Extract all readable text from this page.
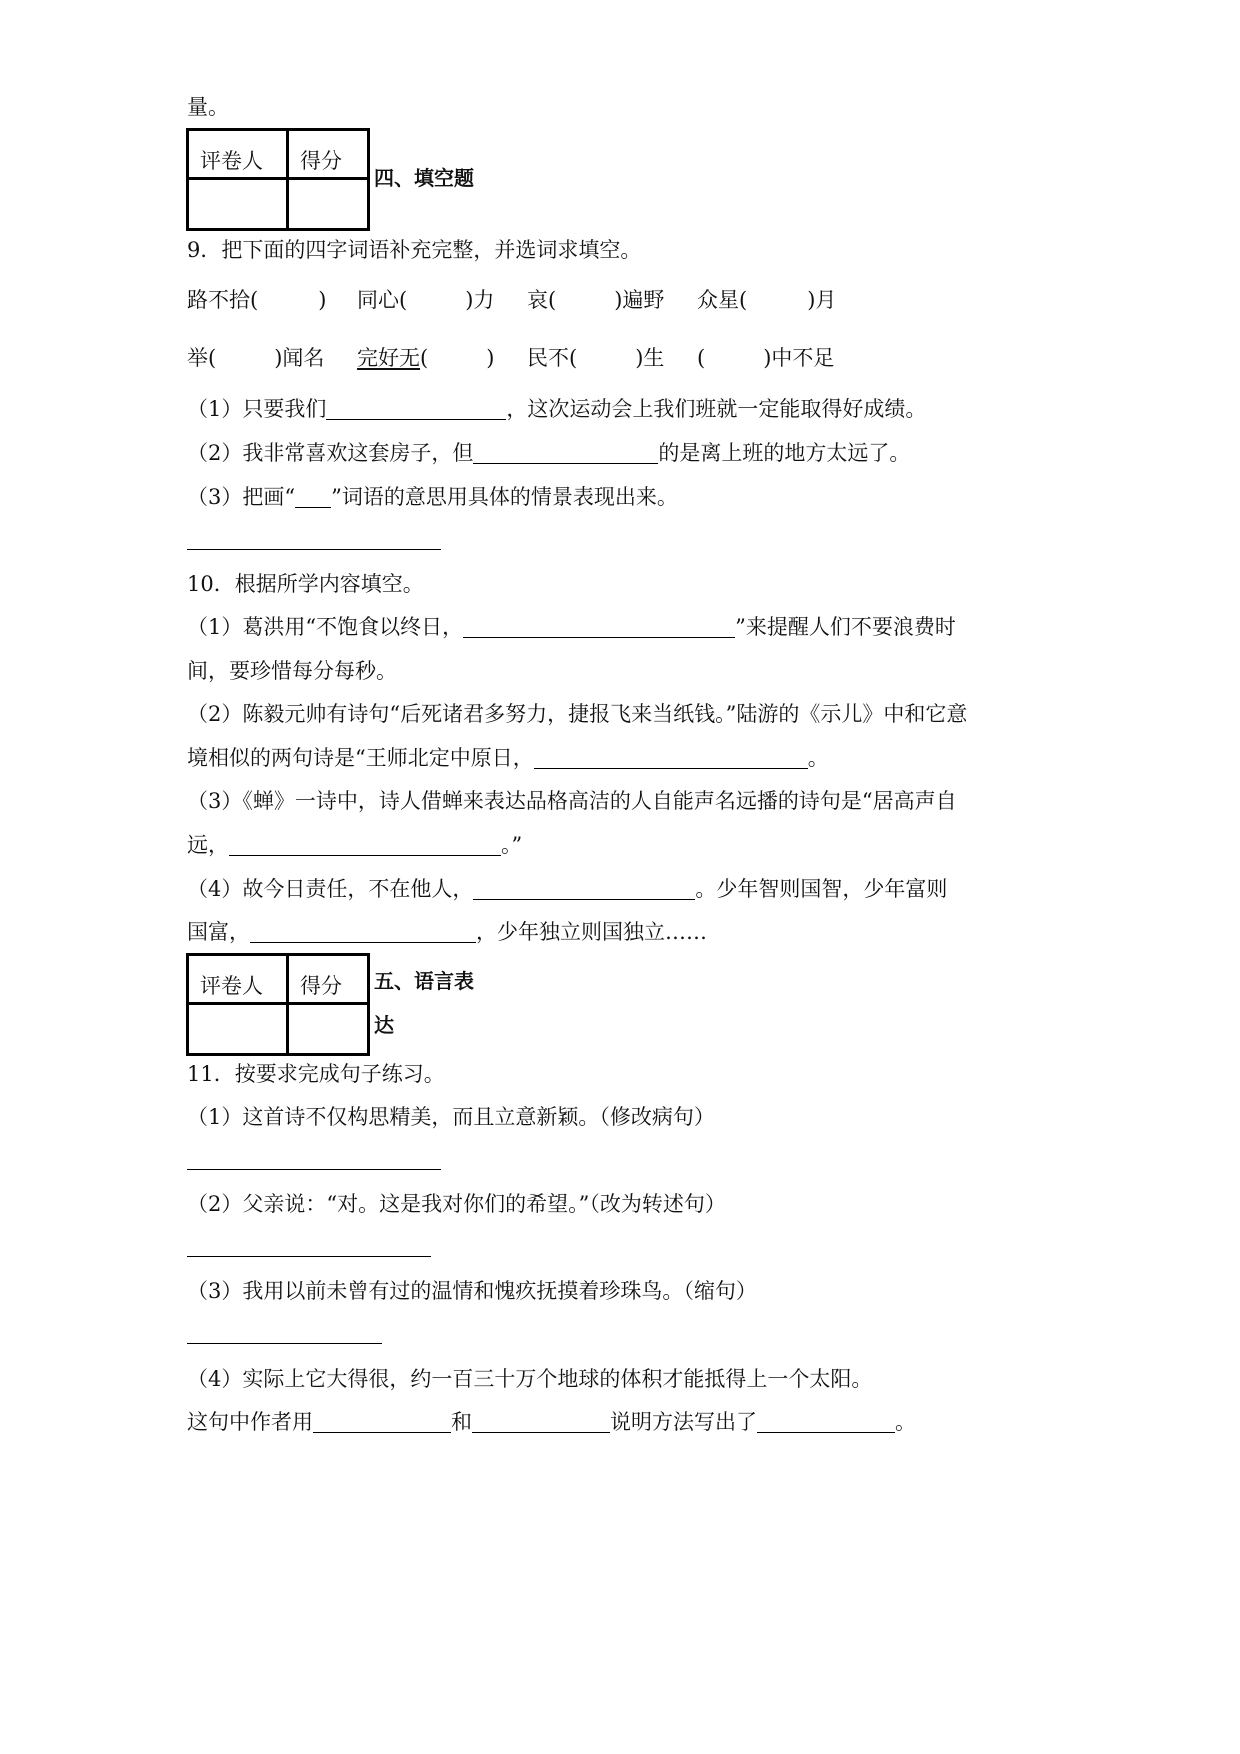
量。
评卷人	得分

四、填空题
9．把下面的四字词语补充完整，并选词求填空。
路不拾(	) 同心(	)力 哀(	)遍野 众星(	)月
举(	)闻名 完好无(	) 民不(	)生 (	)中不足
（1）只要我们	，这次运动会上我们班就一定能取得好成绩。
（2）我非常喜欢这套房子，但	的是离上班的地方太远了。
（3）把画“ ”词语的意思用具体的情景表现出来。
10．根据所学内容填空。
（1）葛洪用“不饱食以终日，	”来提醒人们不要浪费时
间，要珍惜每分每秒。
（2）陈毅元帅有诗句“后死诸君多努力，捷报飞来当纸钱。”陆游的《示儿》中和它意
境相似的两句诗是“王师北定中原日，	。
（3）《蝉》一诗中，诗人借蝉来表达品格高洁的人自能声名远播的诗句是“居高声自
远，	。”
（4）故今日责任，不在他人，	。少年智则国智，少年富则
国富，	，少年独立则国独立……
评卷人	得分

		五、语言表
达
11．按要求完成句子练习。
（1）这首诗不仅构思精美，而且立意新颖。（修改病句）
（2）父亲说：“对。这是我对你们的希望。”（改为转述句）
（3）我用以前未曾有过的温情和愧疚抚摸着珍珠鸟。（缩句）
（4）实际上它大得很，约一百三十万个地球的体积才能抵得上一个太阳。
这句中作者用	和	说明方法写出了	。
